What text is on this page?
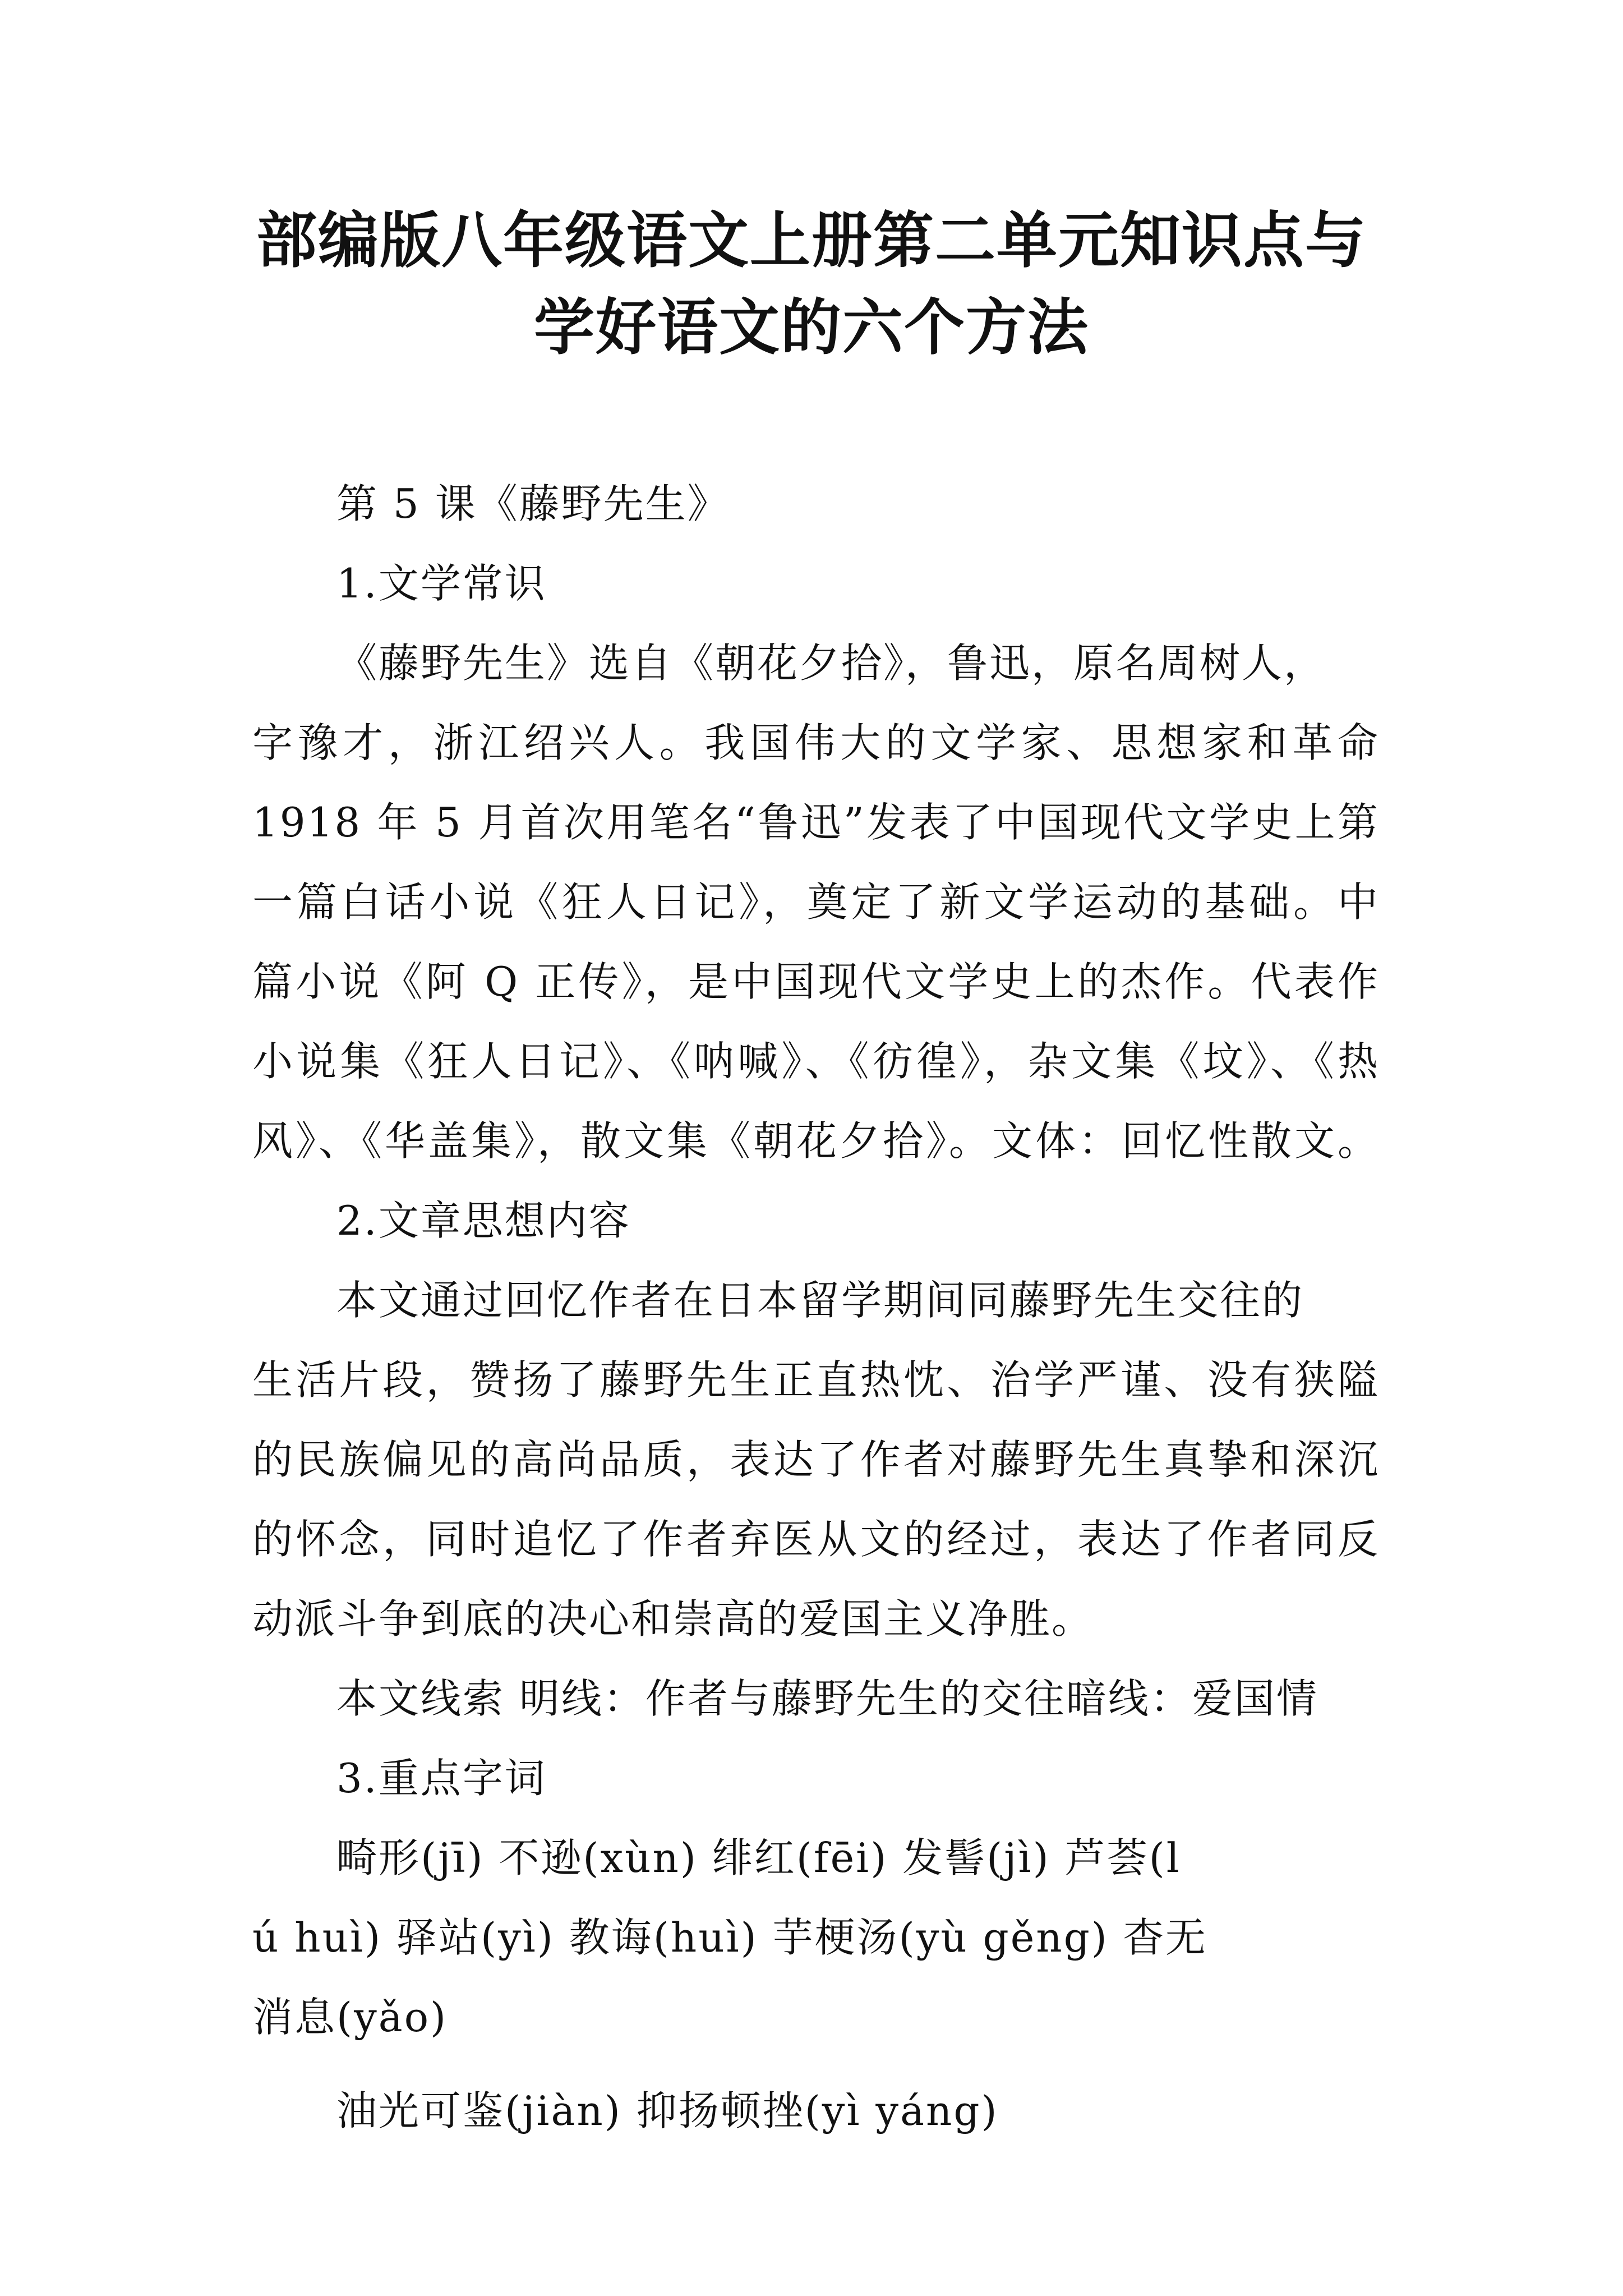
部编版八年级语文上册第二单元知识点与
学好语文的六个方法
第 5 课《藤野先生》
1.文学常识
《藤野先生》选自《朝花夕拾》，鲁迅，原名周树人，
字豫才，浙江绍兴人。我国伟大的文学家、思想家和革命
1918 年 5 月首次用笔名“鲁迅”发表了中国现代文学史上第
一篇白话小说《狂人日记》，奠定了新文学运动的基础。中
篇小说《阿 Q 正传》，是中国现代文学史上的杰作。代表作
小说集《狂人日记》、《呐喊》、《彷徨》，杂文集《坟》、《热
风》、《华盖集》，散文集《朝花夕拾》。文体：回忆性散文。
2.文章思想内容
本文通过回忆作者在日本留学期间同藤野先生交往的
生活片段，赞扬了藤野先生正直热忱、治学严谨、没有狭隘
的民族偏见的高尚品质，表达了作者对藤野先生真挚和深沉
的怀念，同时追忆了作者弃医从文的经过，表达了作者同反
动派斗争到底的决心和崇高的爱国主义净胜。
本文线索 明线：作者与藤野先生的交往暗线：爱国情
3.重点字词
畸形(jī) 不逊(xùn) 绯红(fēi) 发髻(jì) 芦荟(l
ú huì) 驿站(yì) 教诲(huì) 芋梗汤(yù gěng) 杳无
消息(yǎo)
油光可鉴(jiàn) 抑扬顿挫(yì yáng)
